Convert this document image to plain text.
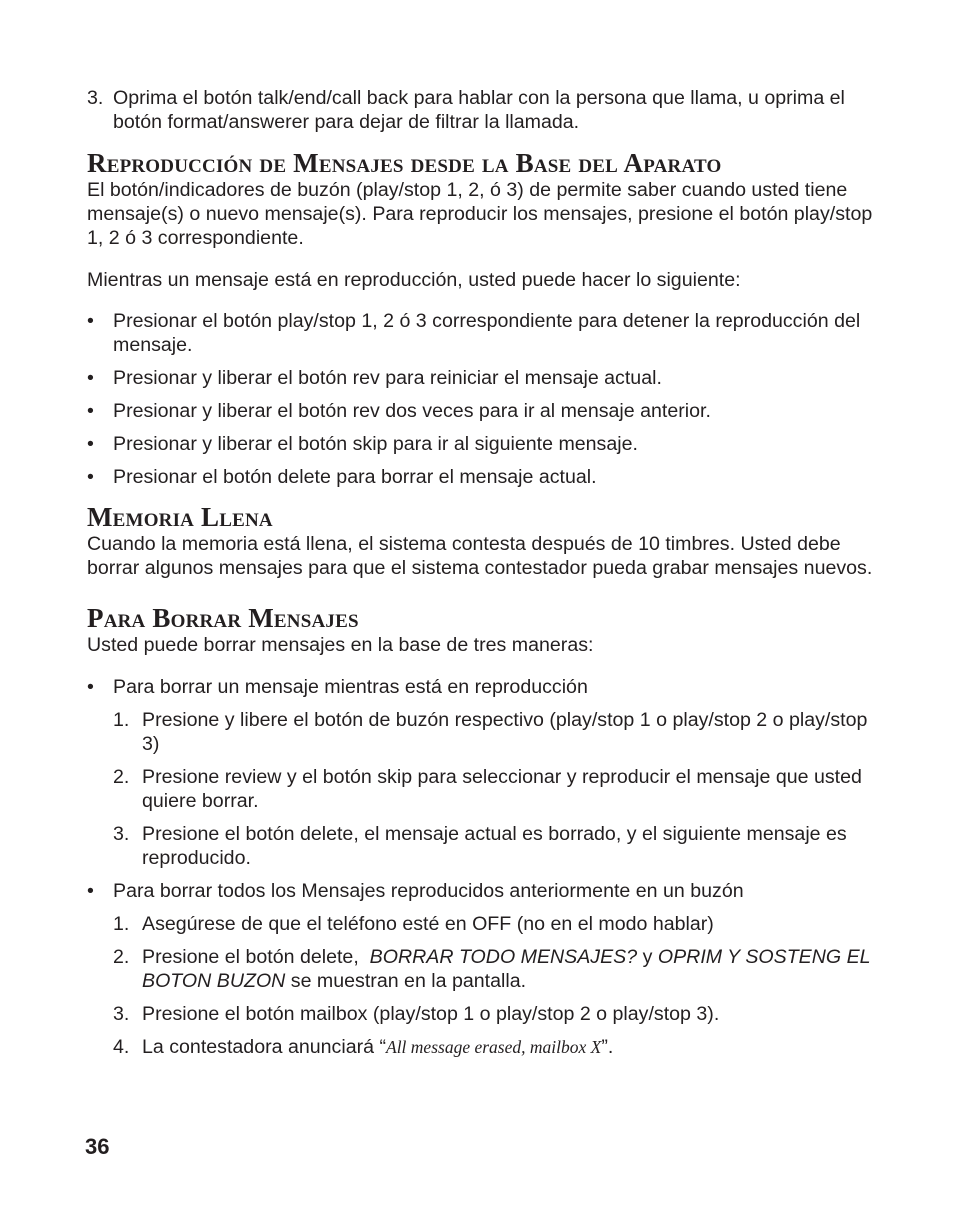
3. Oprima el botón talk/end/call back para hablar con la persona que llama, u oprima el botón format/answerer para dejar de filtrar la llamada.
Reproducción de Mensajes desde la Base del Aparato

El botón/indicadores de buzón (play/stop 1, 2, ó 3) de permite saber cuando usted tiene mensaje(s) o nuevo mensaje(s). Para reproducir los mensajes, presione el botón play/stop 1, 2 ó 3 correspondiente.

Mientras un mensaje está en reproducción, usted puede hacer lo siguiente:

• Presionar el botón play/stop 1, 2 ó 3 correspondiente para detener la reproducción del mensaje.
• Presionar y liberar el botón rev para reiniciar el mensaje actual.
• Presionar y liberar el botón rev dos veces para ir al mensaje anterior.
• Presionar y liberar el botón skip para ir al siguiente mensaje.
• Presionar el botón delete para borrar el mensaje actual.
Memoria Llena

Cuando la memoria está llena, el sistema contesta después de 10 timbres. Usted debe borrar algunos mensajes para que el sistema contestador pueda grabar mensajes nuevos.

Para Borrar Mensajes

Usted puede borrar mensajes en la base de tres maneras:

• Para borrar un mensaje mientras está en reproducción
1. Presione y libere el botón de buzón respectivo (play/stop 1 o play/stop 2 o play/stop 3)
2. Presione review y el botón skip para seleccionar y reproducir el mensaje que usted quiere borrar.
3. Presione el botón delete, el mensaje actual es borrado, y el siguiente mensaje es reproducido.
• Para borrar todos los Mensajes reproducidos anteriormente en un buzón
1. Asegúrese de que el teléfono esté en OFF (no en el modo hablar)
2. Presione el botón delete, BORRAR TODO MENSAJES? y OPRIM Y SOSTENG EL BOTON BUZON se muestran en la pantalla.
3. Presione el botón mailbox (play/stop 1 o play/stop 2 o play/stop 3).
4. La contestadora anunciará “All message erased, mailbox X”.
36
